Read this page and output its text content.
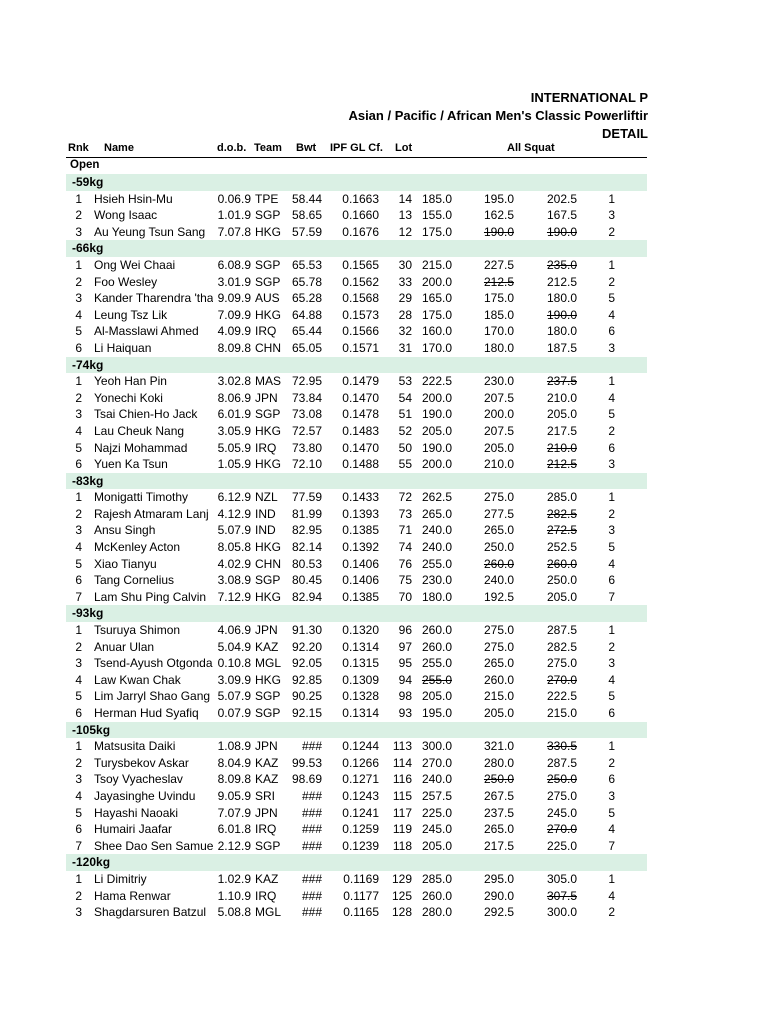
INTERNATIONAL P
Asian / Pacific / African Men's Classic Powerliftir
DETAIL
Rnk Name	d.o.b. Team Bwt IPF GL Cf. Lot	All Squat
Open
-59kg
1 Hsieh Hsin-Mu	0.06.9 TPE	58.44	0.1663	14 185.0	195.0	202.5	1
2 Wong Isaac	1.01.9 SGP 58.65	0.1660	13 155.0	162.5	167.5	3
3 Au Yeung Tsun Sang	7.07.8 HKG 57.59	0.1676	12 175.0	190.0	190.0	2
-66kg
1 Ong Wei Chaai	6.08.9 SGP 65.53	0.1565	30 215.0	227.5	235.0	1
2 Foo Wesley	3.01.9 SGP 65.78	0.1562	33 200.0	212.5	212.5	2
3 Kander Tharendra 'tha 9.09.9 AUS	65.28	0.1568	29 165.0	175.0	180.0	5
4 Leung Tsz Lik	7.09.9 HKG 64.88	0.1573	28 175.0	185.0	190.0	4
5 Al-Masslawi Ahmed	4.09.9 IRQ	65.44	0.1566	32 160.0	170.0	180.0	6
6 Li Haiquan	8.09.8 CHN 65.05	0.1571	31 170.0	180.0	187.5	3
-74kg
1 Yeoh Han Pin	3.02.8 MAS 72.95	0.1479	53 222.5	230.0	237.5	1
2 Yonechi Koki	8.06.9 JPN	73.84	0.1470	54 200.0	207.5	210.0	4
3 Tsai Chien-Ho Jack	6.01.9 SGP 73.08	0.1478	51 190.0	200.0	205.0	5
4 Lau Cheuk Nang	3.05.9 HKG 72.57	0.1483	52 205.0	207.5	217.5	2
5 Najzi Mohammad	5.05.9 IRQ	73.80	0.1470	50 190.0	205.0	210.0	6
6 Yuen Ka Tsun	1.05.9 HKG 72.10	0.1488	55 200.0	210.0	212.5	3
-83kg
1 Monigatti Timothy	6.12.9 NZL	77.59	0.1433	72 262.5	275.0	285.0	1
2 Rajesh Atmaram Lanj 4.12.9 IND	81.99	0.1393	73 265.0	277.5	282.5	2
3 Ansu Singh	5.07.9 IND	82.95	0.1385	71 240.0	265.0	272.5	3
4 McKenley Acton	8.05.8 HKG 82.14	0.1392	74 240.0	250.0	252.5	5
5 Xiao Tianyu	4.02.9 CHN 80.53	0.1406	76 255.0	260.0	260.0	4
6 Tang Cornelius	3.08.9 SGP 80.45	0.1406	75 230.0	240.0	250.0	6
7 Lam Shu Ping Calvin 7.12.9 HKG 82.94	0.1385	70 180.0	192.5	205.0	7
-93kg
1 Tsuruya Shimon	4.06.9 JPN	91.30	0.1320	96 260.0	275.0	287.5	1
2 Anuar Ulan	5.04.9 KAZ	92.20	0.1314	97 260.0	275.0	282.5	2
3 Tsend-Ayush Otgonda 0.10.8 MGL 92.05	0.1315	95 255.0	265.0	275.0	3
4 Law Kwan Chak	3.09.9 HKG 92.85	0.1309	94 255.0	260.0	270.0	4
5 Lim Jarryl Shao Gang 5.07.9 SGP 90.25	0.1328	98 205.0	215.0	222.5	5
6 Herman Hud Syafiq	0.07.9 SGP 92.15	0.1314	93 195.0	205.0	215.0	6
-105kg
1 Matsusita Daiki	1.08.9 JPN	###	0.1244 113 300.0	321.0	330.5	1
2 Turysbekov Askar	8.04.9 KAZ	99.53	0.1266 114 270.0	280.0	287.5	2
3 Tsoy Vyacheslav	8.09.8 KAZ	98.69	0.1271 116 240.0	250.0	250.0	6
4 Jayasinghe Uvindu	9.05.9 SRI	###	0.1243 115 257.5	267.5	275.0	3
5 Hayashi Naoaki	7.07.9 JPN	###	0.1241 117 225.0	237.5	245.0	5
6 Humairi Jaafar	6.01.8 IRQ	###	0.1259 119 245.0	265.0	270.0	4
7 Shee Dao Sen Samue 2.12.9 SGP	###	0.1239 118 205.0	217.5	225.0	7
-120kg
1 Li Dimitriy	1.02.9 KAZ	###	0.1169 129 285.0	295.0	305.0	1
2 Hama Renwar	1.10.9 IRQ	###	0.1177 125 260.0	290.0	307.5	4
3 Shagdarsuren Batzul 5.08.8 MGL	###	0.1165 128 280.0	292.5	300.0	2
